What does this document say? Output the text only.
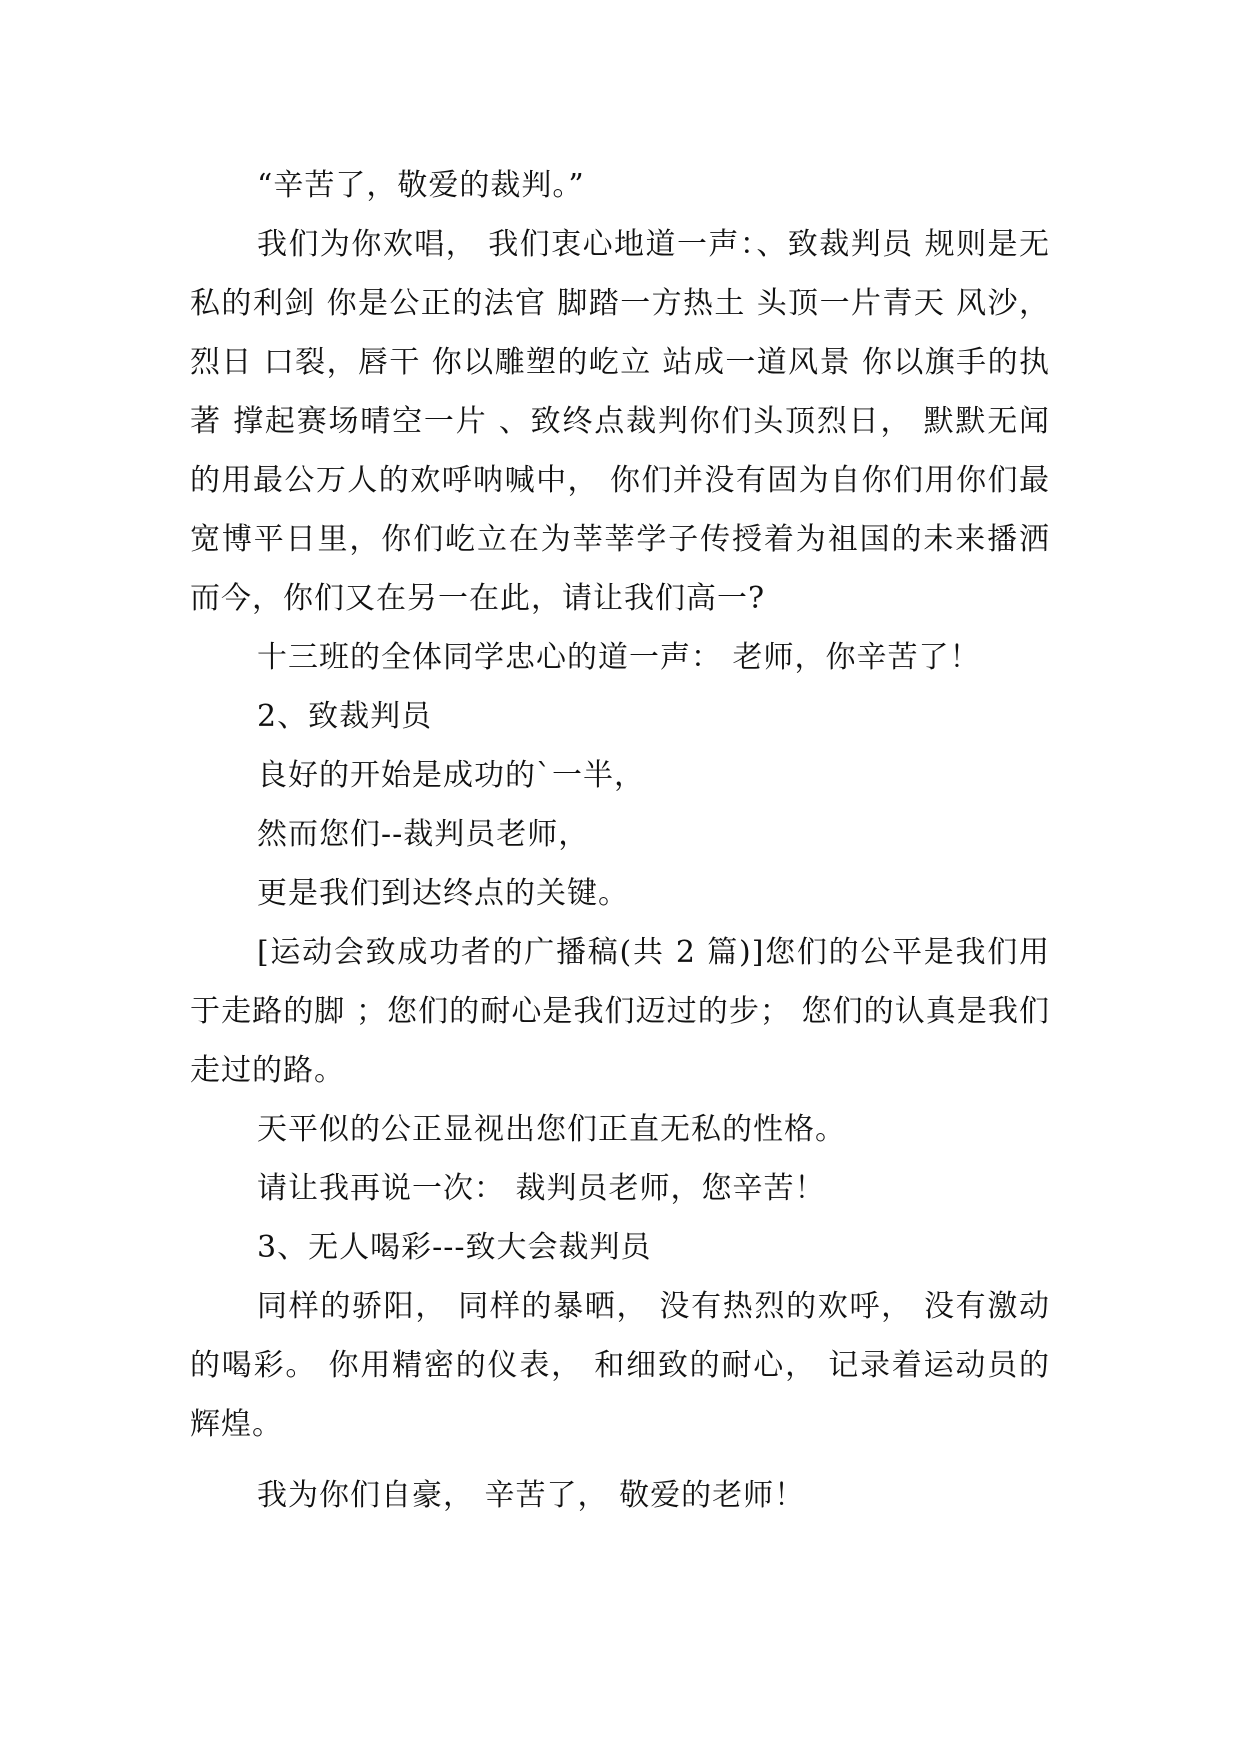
“辛苦了，敬爱的裁判。”

我们为你欢唱， 我们衷心地道一声：、致裁判员 规则是无私的利剑 你是公正的法官 脚踏一方热土 头顶一片青天 风沙，烈日 口裂，唇干 你以雕塑的屹立 站成一道风景 你以旗手的执著 撑起赛场晴空一片 、致终点裁判你们头顶烈日， 默默无闻的用最公万人的欢呼呐喊中， 你们并没有固为自你们用你们最宽博平日里，你们屹立在为莘莘学子传授着为祖国的未来播洒而今，你们又在另一在此，请让我们高一?

十三班的全体同学忠心的道一声： 老师，你辛苦了！

2、致裁判员

良好的开始是成功的`一半，

然而您们--裁判员老师，

更是我们到达终点的关键。

[运动会致成功者的广播稿(共 2 篇)]您们的公平是我们用于走路的脚 ；您们的耐心是我们迈过的步； 您们的认真是我们走过的路。

天平似的公正显视出您们正直无私的性格。

请让我再说一次： 裁判员老师，您辛苦！

3、无人喝彩---致大会裁判员

同样的骄阳， 同样的暴晒， 没有热烈的欢呼， 没有激动的喝彩。 你用精密的仪表， 和细致的耐心， 记录着运动员的辉煌。

我为你们自豪， 辛苦了， 敬爱的老师！
